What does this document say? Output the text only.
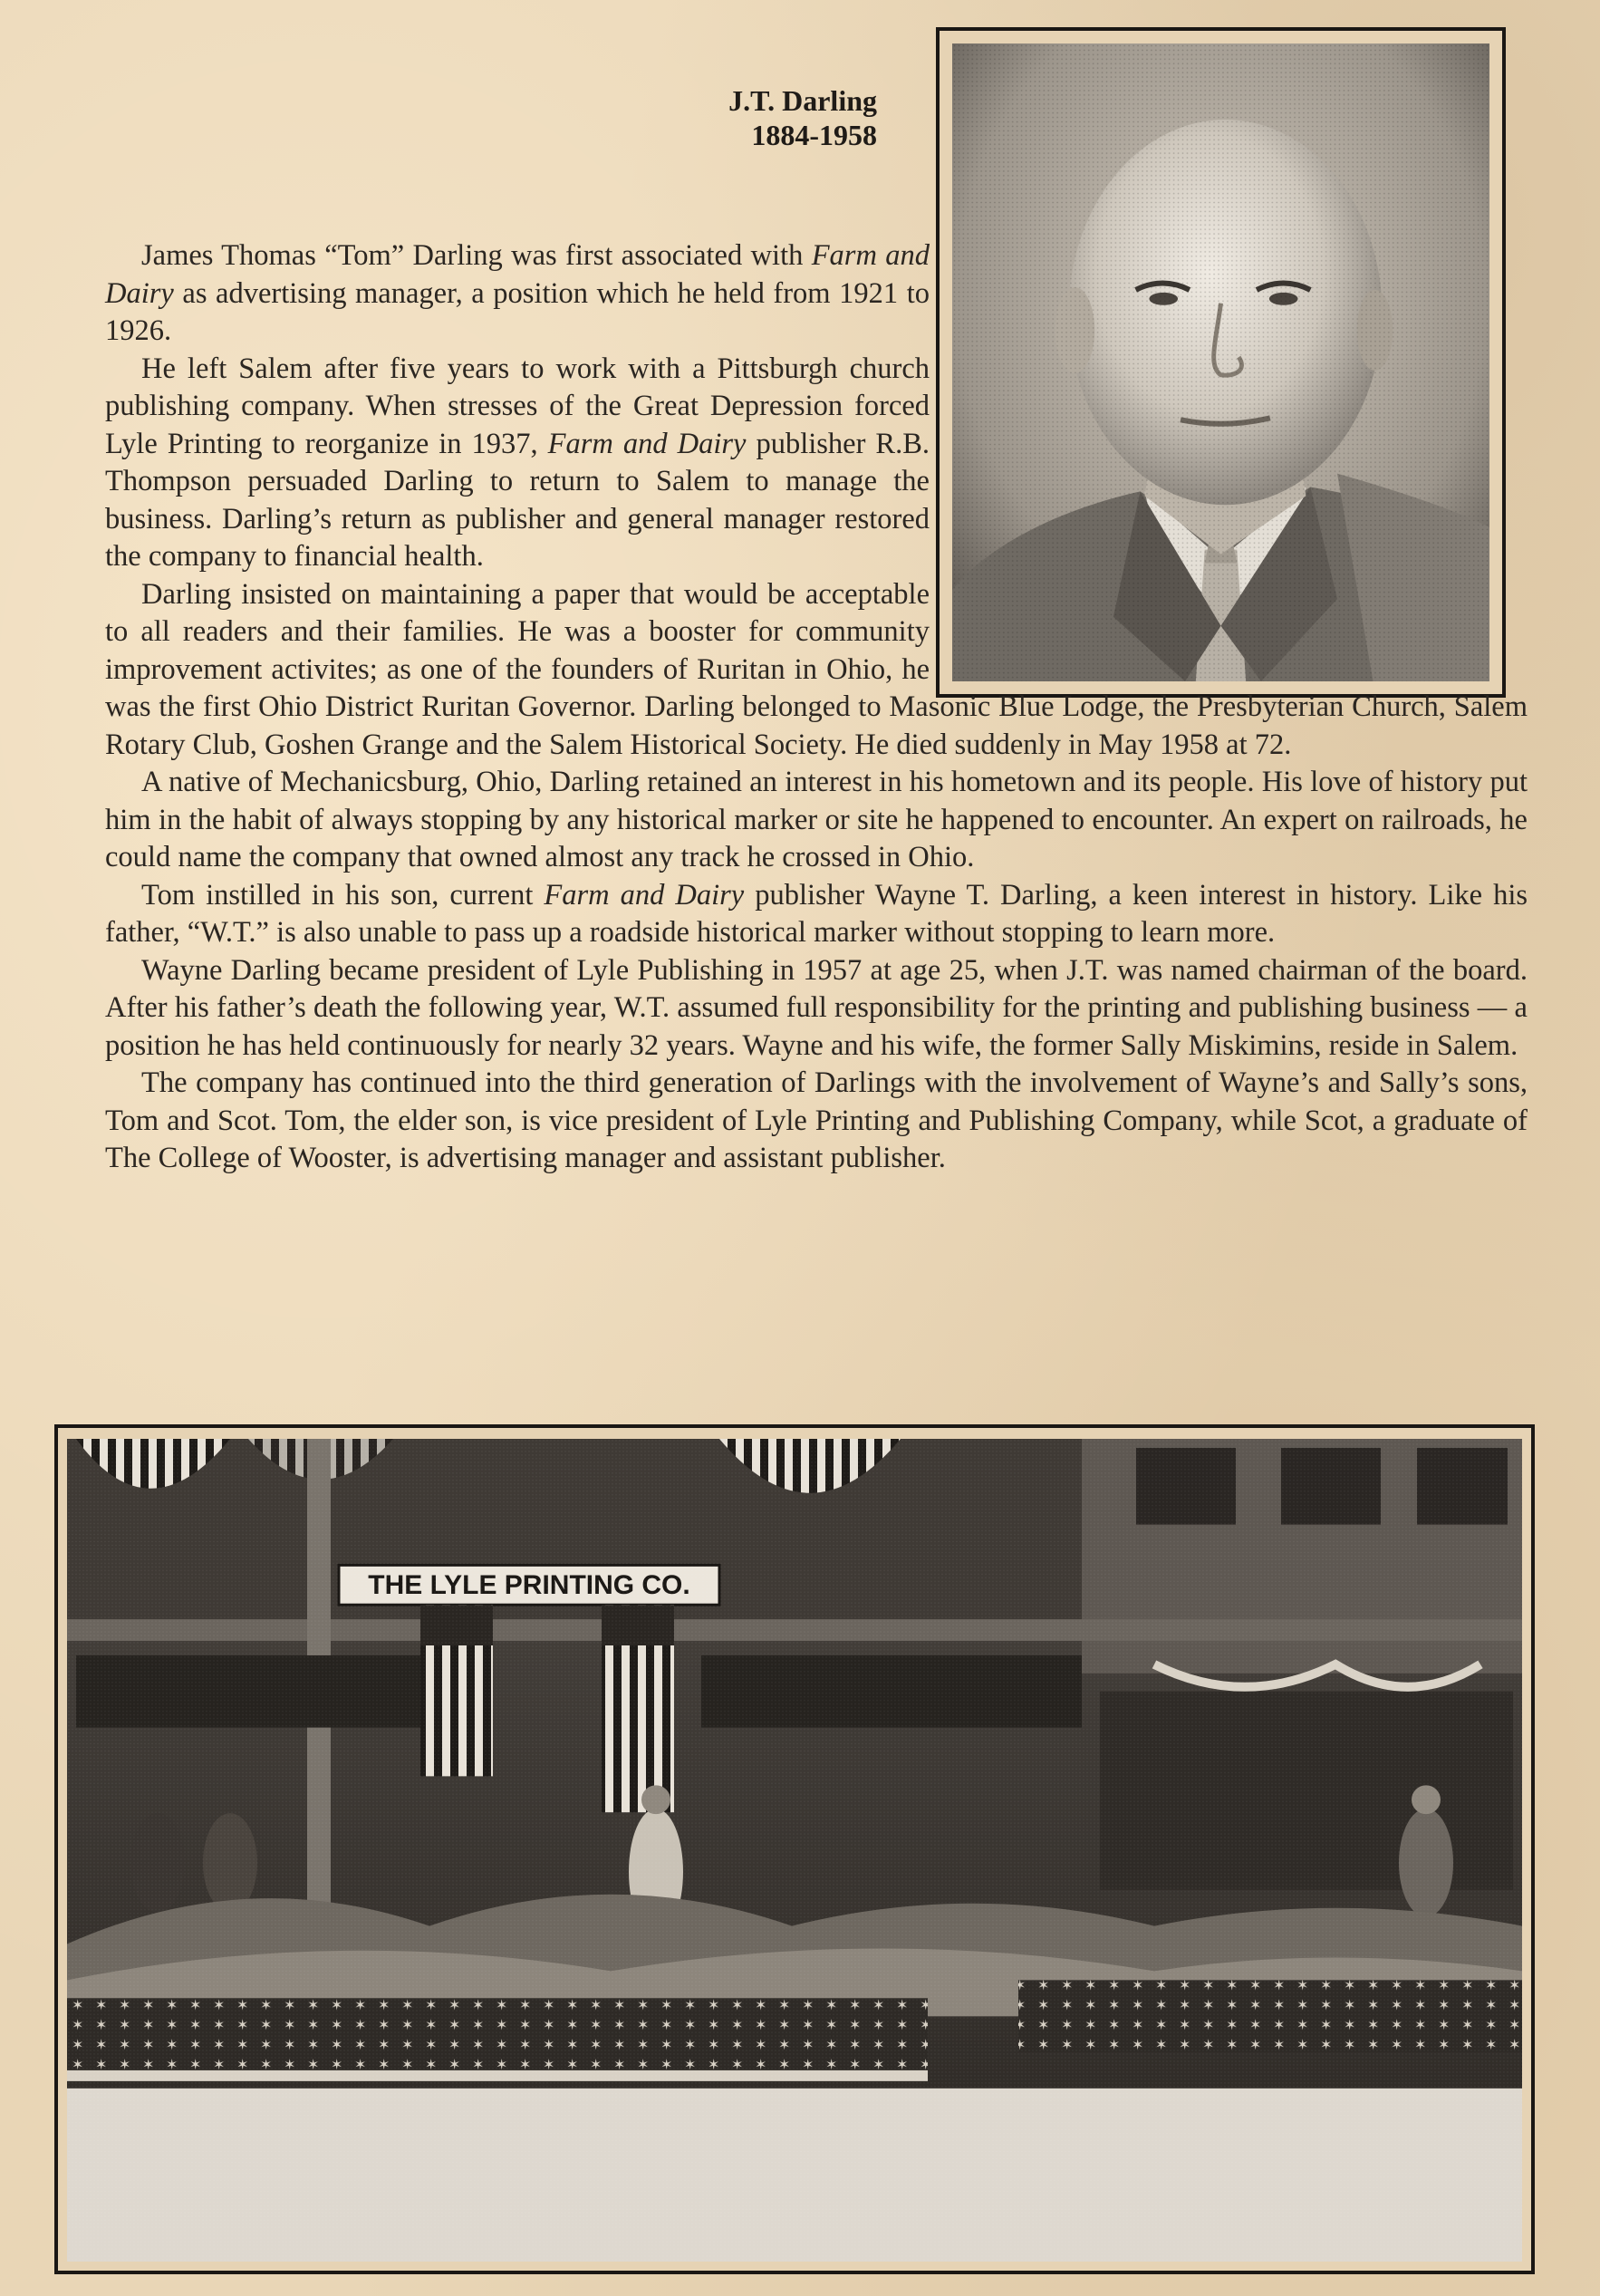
J.T. Darling
1884-1958

James Thomas “Tom” Darling was first associated with Farm and Dairy as advertising manager, a position which he held from 1921 to 1926.

He left Salem after five years to work with a Pittsburgh church publishing company. When stresses of the Great Depression forced Lyle Printing to reorganize in 1937, Farm and Dairy publisher R.B. Thompson persuaded Darling to return to Salem to manage the business. Darling’s return as publisher and general manager restored the company to financial health.

Darling insisted on maintaining a paper that would be acceptable to all readers and their families. He was a booster for community improvement activites; as one of the founders of Ruritan in Ohio, he was the first Ohio District Ruritan Governor. Darling belonged to Masonic Blue Lodge, the Presbyterian Church, Salem Rotary Club, Goshen Grange and the Salem Historical Society. He died suddenly in May 1958 at 72.

A native of Mechanicsburg, Ohio, Darling retained an interest in his hometown and its people. His love of history put him in the habit of always stopping by any historical marker or site he happened to encounter. An expert on railroads, he could name the company that owned almost any track he crossed in Ohio.

Tom instilled in his son, current Farm and Dairy publisher Wayne T. Darling, a keen interest in history. Like his father, “W.T.” is also unable to pass up a roadside historical marker without stopping to learn more.

Wayne Darling became president of Lyle Publishing in 1957 at age 25, when J.T. was named chairman of the board. After his father’s death the following year, W.T. assumed full responsibility for the printing and publishing business — a position he has held continuously for nearly 32 years. Wayne and his wife, the former Sally Miskimins, reside in Salem.

The company has continued into the third generation of Darlings with the involvement of Wayne’s and Sally’s sons, Tom and Scot. Tom, the elder son, is vice president of Lyle Printing and Publishing Company, while Scot, a graduate of The College of Wooster, is advertising manager and assistant publisher.
